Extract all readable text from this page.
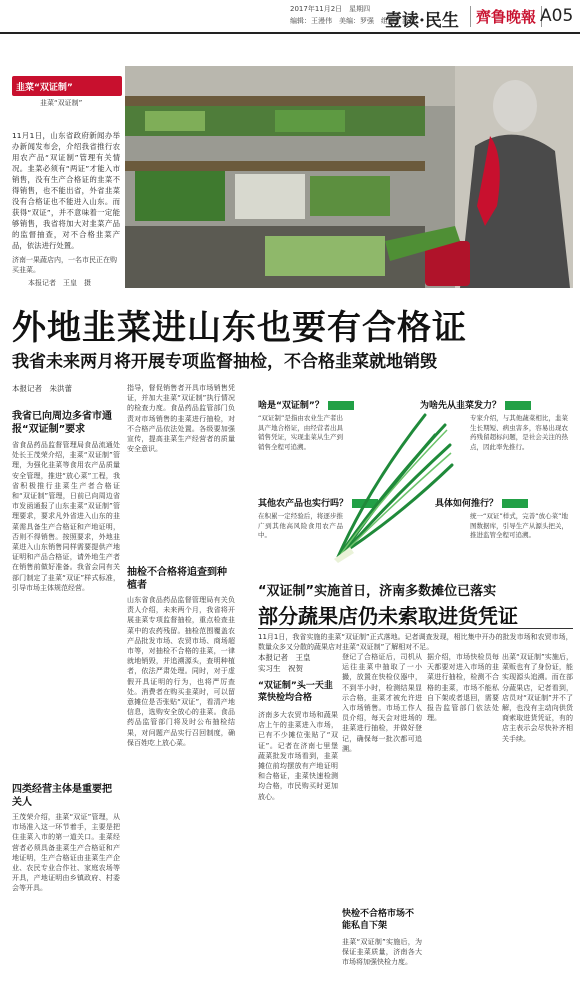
2017年11月2日　星期四
编辑：王漫伟　美编：罗强　组版：洛蕾
壹读·民生	齊鲁晚報 A05
韭菜“双证制”
韭菜“双证制”
11月1日，山东省政府新闻办举办新闻发布会，介绍我省推行农用农产品“双证制”管理有关情况。韭菜必须有“两证”才能入市销售，没有生产合格证的韭菜不得销售，也不能出省，外省韭菜没有合格证也不能进入山东。而获得“双证”，并不意味着一定能够销售，我省将加大对韭菜产品的监督抽查，对不合格韭菜产品，依法进行处置。
济南一果蔬店内，一名市民正在购买韭菜。
本报记者　王皇　摄
外地韭菜进山东也要有合格证
我省未来两月将开展专项监督抽检，不合格韭菜就地销毁
本报记者　朱洪蕾
我省已向周边多省市通报“双证制”要求
省食品药品监督管理局食品流通处处长王茂荣介绍，韭菜“双证制”管理，为强化韭菜等食用农产品质量安全管理，推进“放心菜”工程，我省积极推行韭菜生产者合格证和“双证制”管理，日前已向周边省市发函通报了山东韭菜“双证制”管理要求，要求凡外省进入山东的韭菜需具备生产合格证和产地证明，否则不得销售。按照要求，外地韭菜进入山东销售同样需要提供产地证明和产品合格证，请外地生产者在销售前做好准备。我省会同有关部门制定了韭菜“双证”样式标准，引导市场主体规范经营。
四类经营主体是重要把关人
王茂荣介绍，韭菜“双证”管理，从市场准入这一环节着手，主要是把住韭菜入市的第一道关口。韭菜经营者必须具备韭菜生产合格证和产地证明，生产合格证由韭菜生产企业、农民专业合作社、家庭农场等开具，产地证明由乡镇政府、村委会等开具。
指导，督促销售者开具市场销售凭证，并加大韭菜“双证制”执行情况的检查力度。食品药品监管部门负责对市场销售的韭菜进行抽检，对不合格产品依法处置。各级要加强宣传，提高韭菜生产经营者的质量安全意识。
抽检不合格将追查到种植者
山东省食品药品监督管理局有关负责人介绍，未来两个月，我省将开展韭菜专项监督抽检，重点检查韭菜中的农药残留。抽检范围覆盖农产品批发市场、农贸市场、商场超市等，对抽检不合格的韭菜，一律就地销毁，并追溯源头，查明种植者，依法严肃处理。同时，对于虚假开具证明的行为，也将严厉查处。消费者在购买韭菜时，可以留意摊位是否张贴“双证”，看清产地信息，选购安全放心的韭菜。食品药品监管部门将及时公布抽检结果，对问题产品实行召回制度，确保百姓吃上放心菜。
啥是“双证制”？
“双证制”是指由农业生产者出具产地合格证，由经营者出具销售凭证，实现韭菜从生产到销售全程可追溯。
为啥先从韭菜发力？
专家介绍，与其他蔬菜相比，韭菜生长期短、病虫害多，容易出现农药残留超标问题，是社会关注的热点，因此率先推行。
其他农产品也实行吗？
在积累一定经验后，将逐步推广到其他高风险食用农产品中。
具体如何推行？
统一“双证”样式，完善“放心菜”地图数据库，引导生产从源头把关，推进监管全程可追溯。
“双证制”实施首日，济南多数摊位已落实
部分蔬果店仍未索取进货凭证
11月1日，我省实施的韭菜“双证制”正式落地。记者调查发现，相比集中开办的批发市场和农贸市场，数量众多又分散的蔬果店对韭菜“双证制”了解相对不足。
本报记者　王皇
实习生　祝贺
“双证制”头一天韭菜快检均合格
济南多大农贸市场和蔬果店上午的韭菜进入市场，已有不少摊位张贴了“双证”。记者在济南七里堡蔬菜批发市场看到，韭菜摊位前均摆放有产地证明和合格证，韭菜快速检测均合格，市民购买时更加放心。
登记了合格证后，司机从运往韭菜中抽取了一小撮，放置在快检仪器中，不到半小时，检测结果显示合格，韭菜才被允许进入市场销售。市场工作人员介绍，每天会对进场的韭菜进行抽检，并做好登记，确保每一批次都可追溯。
快检不合格市场不能私自下架
韭菜“双证制”实施后，为保证韭菜质量，济南各大市场将加强快检力度。
据介绍，市场快检员每天都要对进入市场的韭菜进行抽检，检测不合格的韭菜，市场不能私自下架或者退回，需要报告监管部门依法处理。
出菜“双证制”实施后，菜贩也有了身份证，能实现源头追溯。而在部分蔬果店，记者看到，店员对“双证制”并不了解，也没有主动向供货商索取进货凭证，有的店主表示会尽快补齐相关手续。
